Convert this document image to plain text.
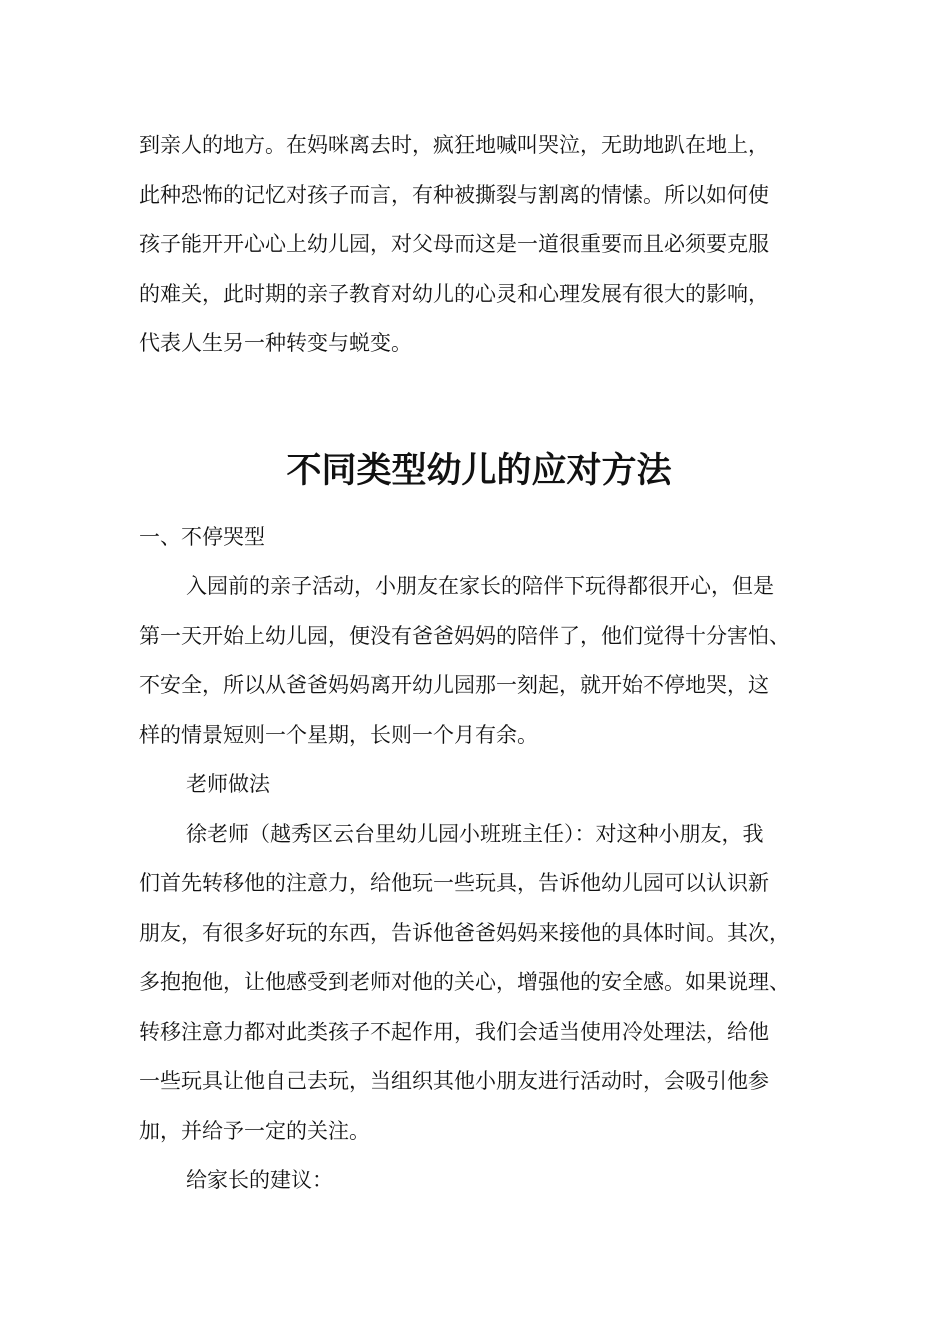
到亲人的地方。在妈咪离去时，疯狂地喊叫哭泣，无助地趴在地上，
此种恐怖的记忆对孩子而言，有种被撕裂与割离的情愫。所以如何使
孩子能开开心心上幼儿园，对父母而这是一道很重要而且必须要克服
的难关，此时期的亲子教育对幼儿的心灵和心理发展有很大的影响，
代表人生另一种转变与蜕变。
不同类型幼儿的应对方法
一、不停哭型
入园前的亲子活动，小朋友在家长的陪伴下玩得都很开心，但是
第一天开始上幼儿园，便没有爸爸妈妈的陪伴了，他们觉得十分害怕、
不安全，所以从爸爸妈妈离开幼儿园那一刻起，就开始不停地哭，这
样的情景短则一个星期，长则一个月有余。
老师做法
徐老师（越秀区云台里幼儿园小班班主任）：对这种小朋友，我
们首先转移他的注意力，给他玩一些玩具，告诉他幼儿园可以认识新
朋友，有很多好玩的东西，告诉他爸爸妈妈来接他的具体时间。其次，
多抱抱他，让他感受到老师对他的关心，增强他的安全感。如果说理、
转移注意力都对此类孩子不起作用，我们会适当使用冷处理法，给他
一些玩具让他自己去玩，当组织其他小朋友进行活动时，会吸引他参
加，并给予一定的关注。
给家长的建议：
